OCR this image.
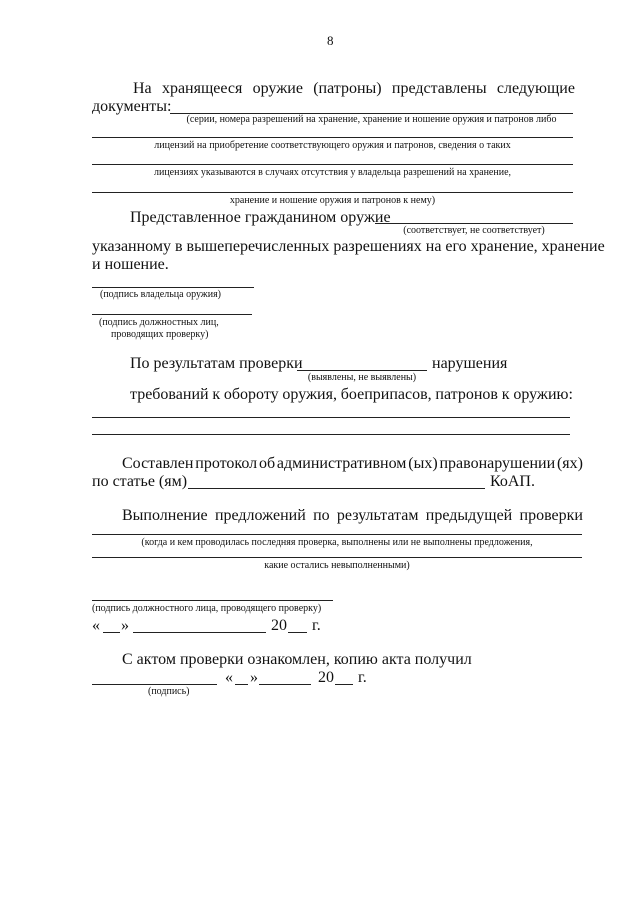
8
На хранящееся оружие (патроны) представлены следующие
документы:
(серии, номера разрешений на хранение, хранение и ношение оружия и патронов либо
лицензий на приобретение соответствующего оружия и патронов, сведения о таких
лицензиях указываются в случаях отсутствия у владельца разрешений на хранение,
хранение и ношение оружия и патронов к нему)
Представленное гражданином оружие
(соответствует, не соответствует)
указанному в вышеперечисленных разрешениях на его хранение, хранение
и ношение.
(подпись владельца оружия)
(подпись должностных лиц,
проводящих проверку)
По результатам проверки	нарушения
(выявлены, не выявлены)
требований к обороту оружия, боеприпасов, патронов к оружию:
Составлен протокол об административном (ых) правонарушении (ях)
по статье (ям)	КоАП.
Выполнение предложений по результатам предыдущей проверки
(когда и кем проводилась последняя проверка, выполнены или не выполнены предложения,
какие остались невыполненными)
(подпись должностного лица, проводящего проверку)
« »	20 г.
С актом проверки ознакомлен, копию акта получил
(подпись)
« »	20 г.
